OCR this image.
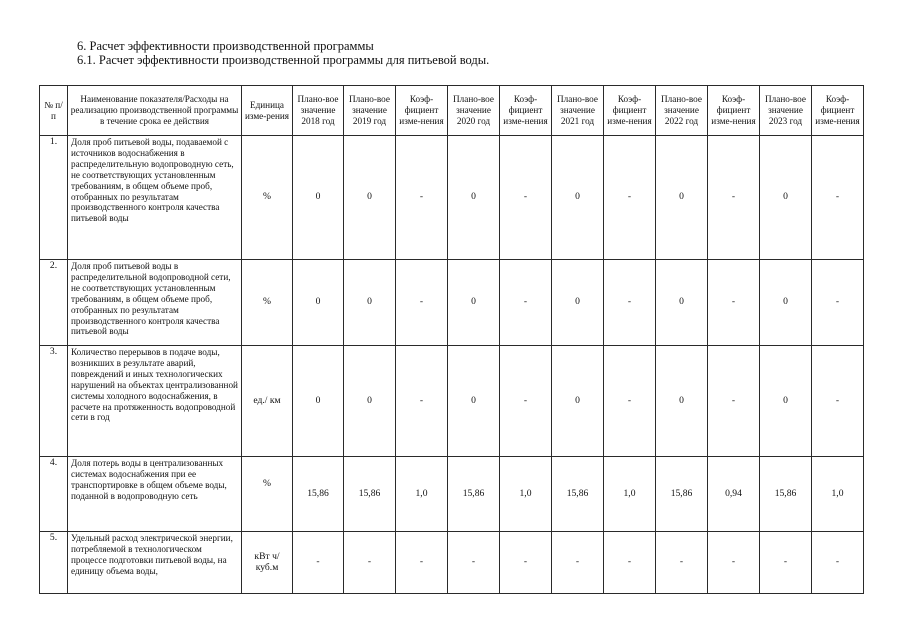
6. Расчет эффективности производственной программы
6.1. Расчет эффективности производственной программы для питьевой воды.
№ п/п	Наименование показателя/Расходы на реализацию производственной программы в течение срока ее действия	Единица изме-рения	Плано-вое значение 2018 год	Плано-вое значение 2019 год	Коэф-фициент изме-нения	Плано-вое значение 2020 год	Коэф-фициент изме-нения	Плано-вое значение 2021 год	Коэф-фициент изме-нения	Плано-вое значение 2022 год	Коэф-фициент изме-нения	Плано-вое значение 2023 год	Коэф-фициент изме-нения
1.	Доля проб питьевой воды, подаваемой с источников водоснабжения в распределительную водопроводную сеть, не соответствующих установленным требованиям, в общем объеме проб, отобранных по результатам производственного контроля качества питьевой воды	%	0	0	-	0	-	0	-	0	-	0	-
2.	Доля проб питьевой воды в распределительной водопроводной сети, не соответствующих установленным требованиям, в общем объеме проб, отобранных по результатам производственного контроля качества питьевой воды	%	0	0	-	0	-	0	-	0	-	0	-
3.	Количество перерывов в подаче воды, возникших в результате аварий, повреждений и иных технологических нарушений на объектах централизованной системы холодного водоснабжения, в расчете на протяженность водопроводной сети в год	ед./ км	0	0	-	0	-	0	-	0	-	0	-
4.	Доля потерь воды в централизованных системах водоснабжения при ее транспортировке в общем объеме воды, поданной в водопроводную сеть	%	15,86	15,86	1,0	15,86	1,0	15,86	1,0	15,86	0,94	15,86	1,0
5.	Удельный расход электрической энергии, потребляемой в технологическом процессе подготовки питьевой воды, на единицу объема воды,	кВт ч/куб.м	-	-	-	-	-	-	-	-	-	-	-
